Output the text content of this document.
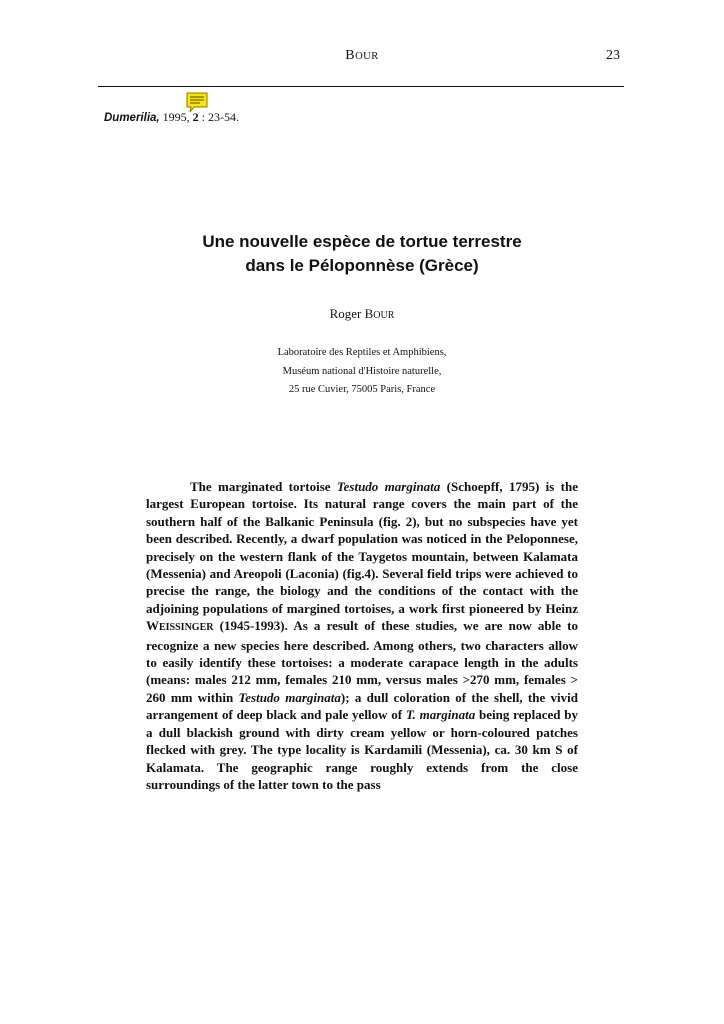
BOUR	23
Dumerilia, 1995, 2 : 23-54.
Une nouvelle espèce de tortue terrestre
dans le Péloponnèse (Grèce)
Roger BOUR
Laboratoire des Reptiles et Amphibiens,
Muséum national d'Histoire naturelle,
25 rue Cuvier, 75005 Paris, France
The marginated tortoise Testudo marginata (Schoepff, 1795) is the largest European tortoise. Its natural range covers the main part of the southern half of the Balkanic Peninsula (fig. 2), but no subspecies have yet been described. Recently, a dwarf population was noticed in the Peloponnese, precisely on the western flank of the Taygetos mountain, between Kalamata (Messenia) and Areopoli (Laconia) (fig.4). Several field trips were achieved to precise the range, the biology and the conditions of the contact with the adjoining populations of margined tortoises, a work first pioneered by Heinz WEISSINGER (1945-1993). As a result of these studies, we are now able to recognize a new species here described. Among others, two characters allow to easily identify these tortoises: a moderate carapace length in the adults (means: males 212 mm, females 210 mm, versus males >270 mm, females > 260 mm within Testudo marginata); a dull coloration of the shell, the vivid arrangement of deep black and pale yellow of T. marginata being replaced by a dull blackish ground with dirty cream yellow or horn-coloured patches flecked with grey. The type locality is Kardamili (Messenia), ca. 30 km S of Kalamata. The geographic range roughly extends from the close surroundings of the latter town to the pass
